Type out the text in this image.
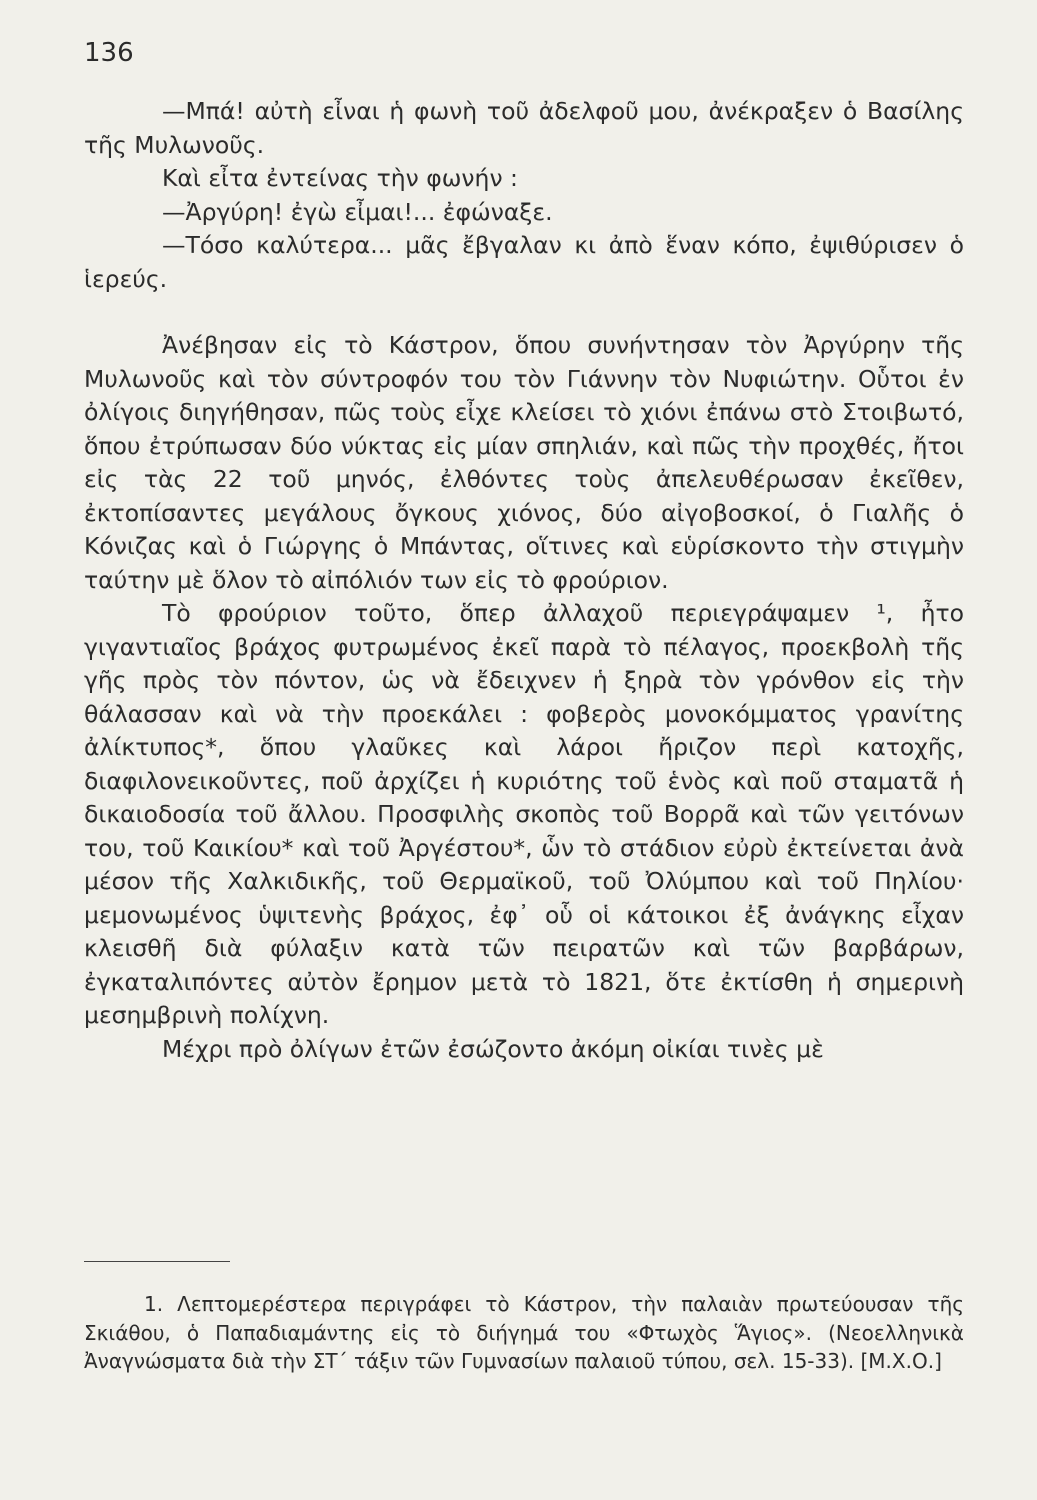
136

—Μπά! αὐτὴ εἶναι ἡ φωνὴ τοῦ ἀδελφοῦ μου, ἀνέκραξεν ὁ Βασίλης τῆς Μυλωνοῦς.

Καὶ εἶτα ἐντείνας τὴν φωνήν :

—Ἀργύρη! ἐγὼ εἶμαι!... ἐφώναξε.

—Τόσο καλύτερα... μᾶς ἔβγαλαν κι ἀπὸ ἕναν κόπο, ἐψιθύρισεν ὁ ἱερεύς.

Ἀνέβησαν εἰς τὸ Κάστρον, ὅπου συνήντησαν τὸν Ἀργύρην τῆς Μυλωνοῦς καὶ τὸν σύντροφόν του τὸν Γιάννην τὸν Νυφιώτην. Οὗτοι ἐν ὀλίγοις διηγήθησαν, πῶς τοὺς εἶχε κλείσει τὸ χιόνι ἐπάνω στὸ Στοιβωτό, ὅπου ἐτρύπωσαν δύο νύκτας εἰς μίαν σπηλιάν, καὶ πῶς τὴν προχθές, ἤτοι εἰς τὰς 22 τοῦ μηνός, ἐλθόντες τοὺς ἀπελευθέρωσαν ἐκεῖθεν, ἐκτοπίσαντες μεγάλους ὄγκους χιόνος, δύο αἰγοβοσκοί, ὁ Γιαλῆς ὁ Κόνιζας καὶ ὁ Γιώργης ὁ Μπάντας, οἵτινες καὶ εὑρίσκοντο τὴν στιγμὴν ταύτην μὲ ὅλον τὸ αἰπόλιόν των εἰς τὸ φρούριον.

Τὸ φρούριον τοῦτο, ὅπερ ἀλλαχοῦ περιεγράψαμεν ¹, ἦτο γιγαντιαῖος βράχος φυτρωμένος ἐκεῖ παρὰ τὸ πέλαγος, προεκβολὴ τῆς γῆς πρὸς τὸν πόντον, ὡς νὰ ἔδειχνεν ἡ ξηρὰ τὸν γρόνθον εἰς τὴν θάλασσαν καὶ νὰ τὴν προεκάλει : φοβερὸς μονοκόμματος γρανίτης ἀλίκτυπος*, ὅπου γλαῦκες καὶ λάροι ἤριζον περὶ κατοχῆς, διαφιλονεικοῦντες, ποῦ ἀρχίζει ἡ κυριότης τοῦ ἑνὸς καὶ ποῦ σταματᾶ ἡ δικαιοδοσία τοῦ ἄλλου. Προσφιλὴς σκοπὸς τοῦ Βορρᾶ καὶ τῶν γειτόνων του, τοῦ Καικίου* καὶ τοῦ Ἀργέστου*, ὧν τὸ στάδιον εὐρὺ ἐκτείνεται ἀνὰ μέσον τῆς Χαλκιδικῆς, τοῦ Θερμαϊκοῦ, τοῦ Ὀλύμπου καὶ τοῦ Πηλίου· μεμονωμένος ὑψιτενὴς βράχος, ἐφ᾿ οὗ οἱ κάτοικοι ἐξ ἀνάγκης εἶχαν κλεισθῆ διὰ φύλαξιν κατὰ τῶν πειρατῶν καὶ τῶν βαρβάρων, ἐγκαταλιπόντες αὐτὸν ἔρημον μετὰ τὸ 1821, ὅτε ἐκτίσθη ἡ σημερινὴ μεσημβρινὴ πολίχνη.

Μέχρι πρὸ ὀλίγων ἐτῶν ἐσώζοντο ἀκόμη οἰκίαι τινὲς μὲ

1. Λεπτομερέστερα περιγράφει τὸ Κάστρον, τὴν παλαιὰν πρωτεύουσαν τῆς Σκιάθου, ὁ Παπαδιαμάντης εἰς τὸ διήγημά του «Φτωχὸς Ἅγιος». (Νεοελληνικὰ Ἀναγνώσματα διὰ τὴν ΣΤ΄ τάξιν τῶν Γυμνασίων παλαιοῦ τύπου, σελ. 15-33). [Μ.Χ.Ο.]
